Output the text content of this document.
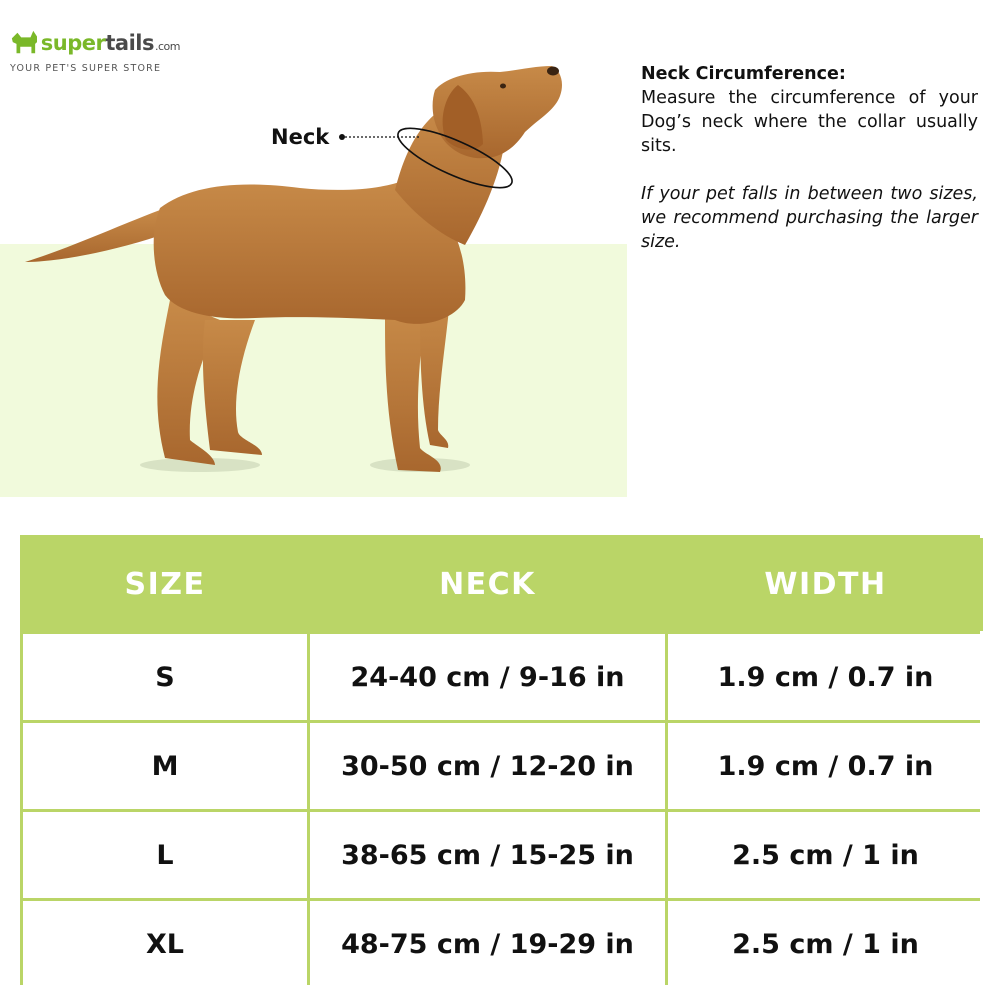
supertails.com
YOUR PET'S SUPER STORE
Neck
Neck Circumference:
Measure the circumference of your Dog’s neck where the collar usually sits.
If your pet falls in between two sizes, we recommend purchasing the larger size.
SIZE	NECK	WIDTH
S	24-40 cm / 9-16 in	1.9 cm / 0.7 in
M	30-50 cm / 12-20 in	1.9 cm / 0.7 in
L	38-65 cm / 15-25 in	2.5 cm / 1 in
XL	48-75 cm / 19-29 in	2.5 cm / 1 in
